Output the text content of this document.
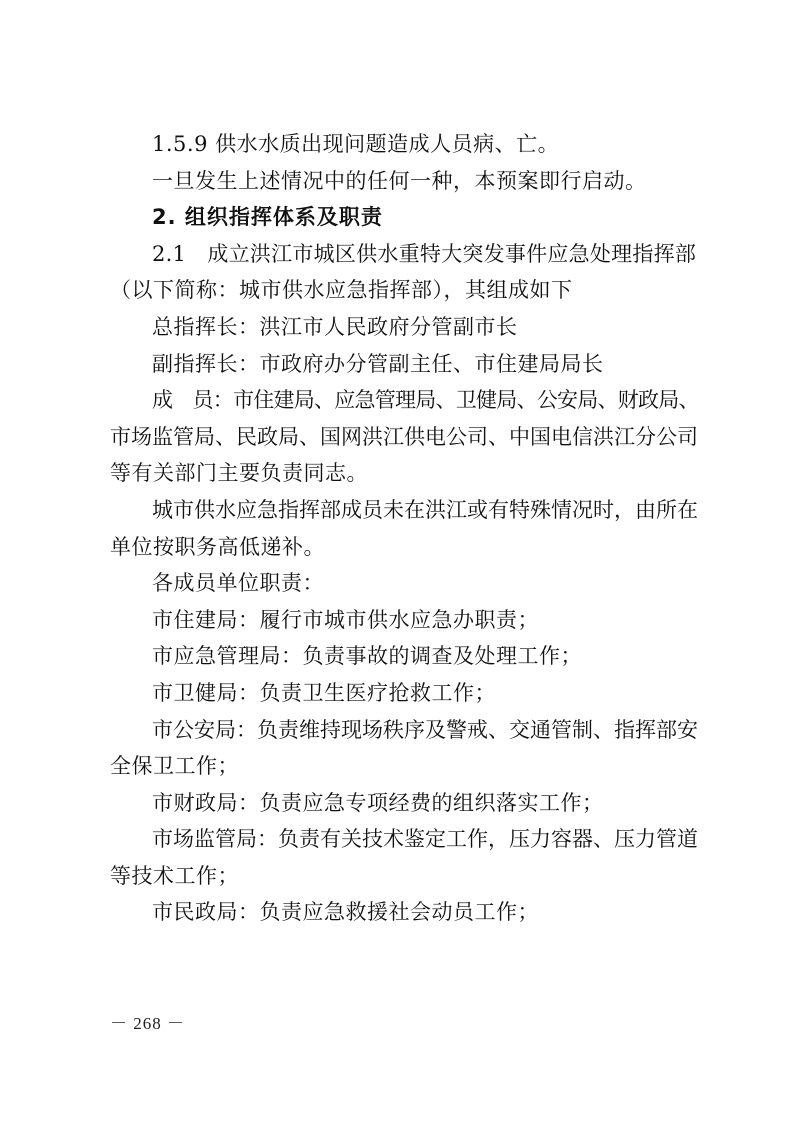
1.5.9 供水水质出现问题造成人员病、亡。
一旦发生上述情况中的任何一种，本预案即行启动。
2. 组织指挥体系及职责
2.1　成立洪江市城区供水重特大突发事件应急处理指挥部
（以下简称：城市供水应急指挥部），其组成如下
总指挥长：洪江市人民政府分管副市长
副指挥长：市政府办分管副主任、市住建局局长
成　员：市住建局、应急管理局、卫健局、公安局、财政局、
市场监管局、民政局、国网洪江供电公司、中国电信洪江分公司
等有关部门主要负责同志。
城市供水应急指挥部成员未在洪江或有特殊情况时，由所在
单位按职务高低递补。
各成员单位职责：
市住建局：履行市城市供水应急办职责；
市应急管理局：负责事故的调查及处理工作；
市卫健局：负责卫生医疗抢救工作；
市公安局：负责维持现场秩序及警戒、交通管制、指挥部安
全保卫工作；
市财政局：负责应急专项经费的组织落实工作；
市场监管局：负责有关技术鉴定工作，压力容器、压力管道
等技术工作；
市民政局：负责应急救援社会动员工作；
－ 268 －
